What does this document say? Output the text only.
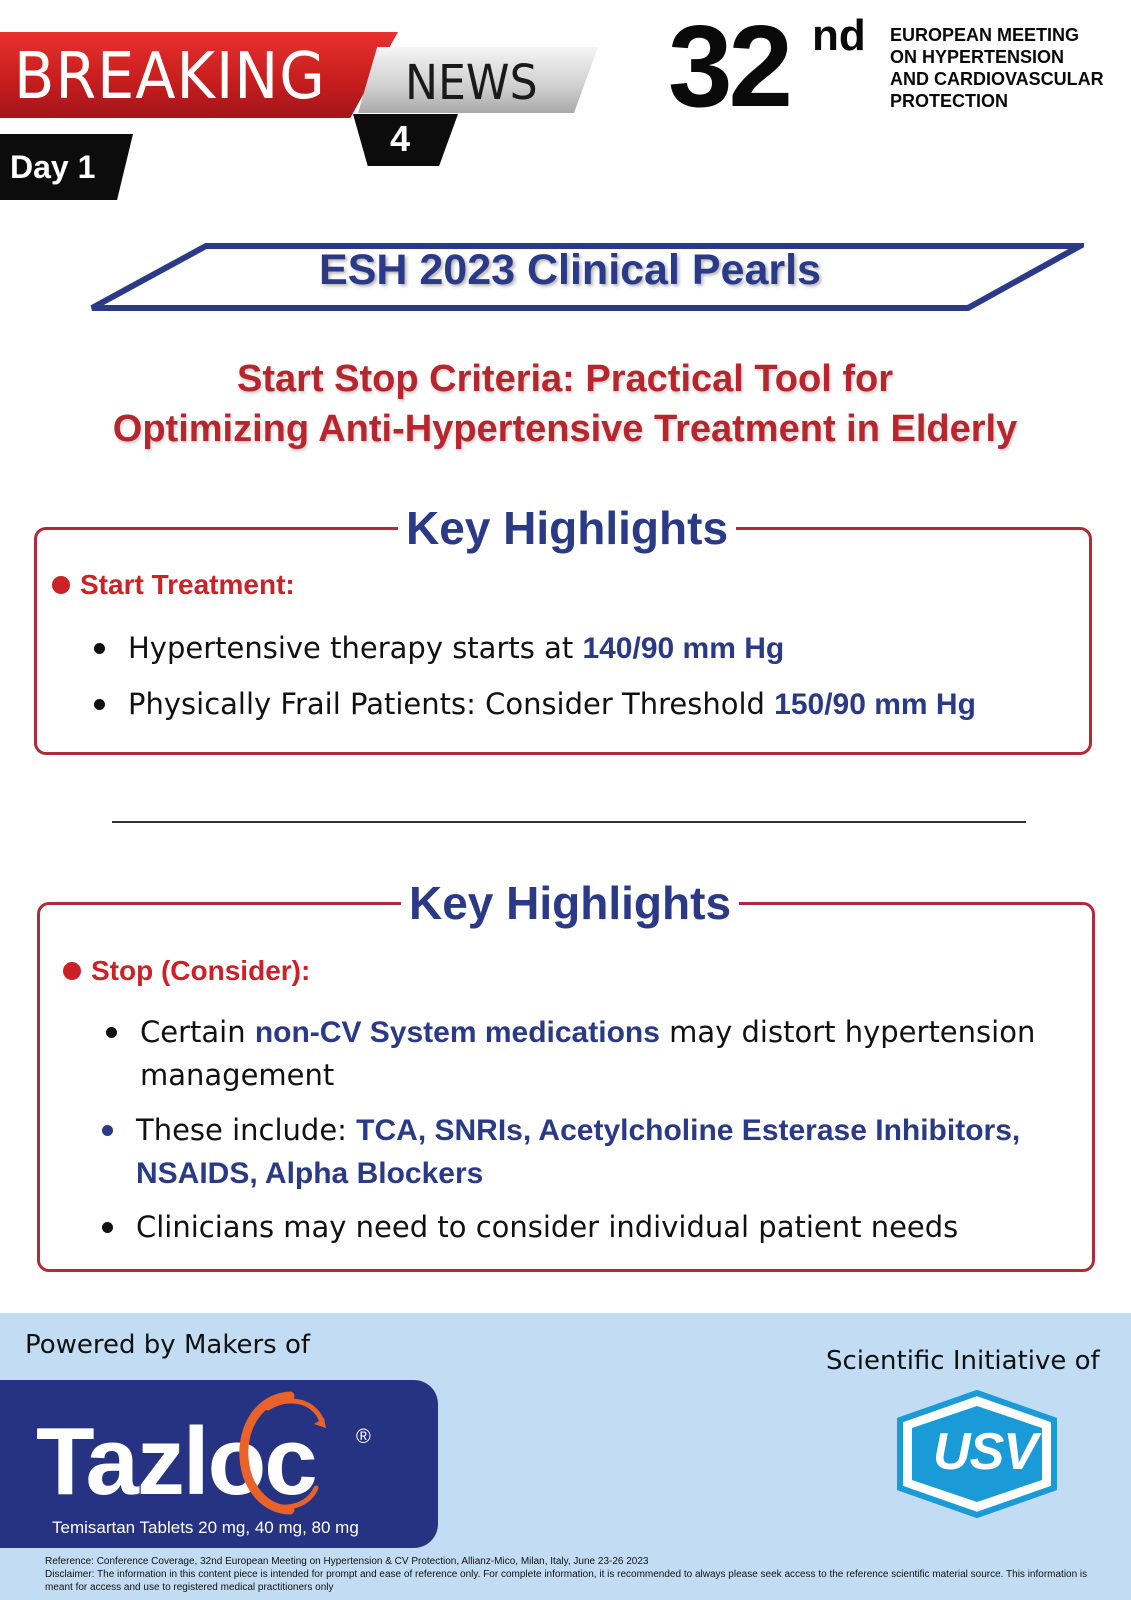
BREAKING NEWS
4
Day 1
32 nd EUROPEAN MEETING
ON HYPERTENSION
AND CARDIOVASCULAR
PROTECTION
ESH 2023 Clinical Pearls
Start Stop Criteria: Practical Tool for
Optimizing Anti-Hypertensive Treatment in Elderly
Key Highlights
Start Treatment:
Hypertensive therapy starts at 140/90 mm Hg
Physically Frail Patients: Consider Threshold 150/90 mm Hg
Key Highlights
Stop (Consider):
Certain non-CV System medications may distort hypertension management
These include: TCA, SNRIs, Acetylcholine Esterase Inhibitors, NSAIDS, Alpha Blockers
Clinicians may need to consider individual patient needs
Powered by Makers of
Scientific Initiative of
Tazloc ®
Temisartan Tablets 20 mg, 40 mg, 80 mg
USV
Reference: Conference Coverage, 32nd European Meeting on Hypertension & CV Protection, Allianz-Mico, Milan, Italy, June 23-26 2023
Disclaimer: The information in this content piece is intended for prompt and ease of reference only. For complete information, it is recommended to always please seek access to the reference scientific material source. This information is meant for access and use to registered medical practitioners only
